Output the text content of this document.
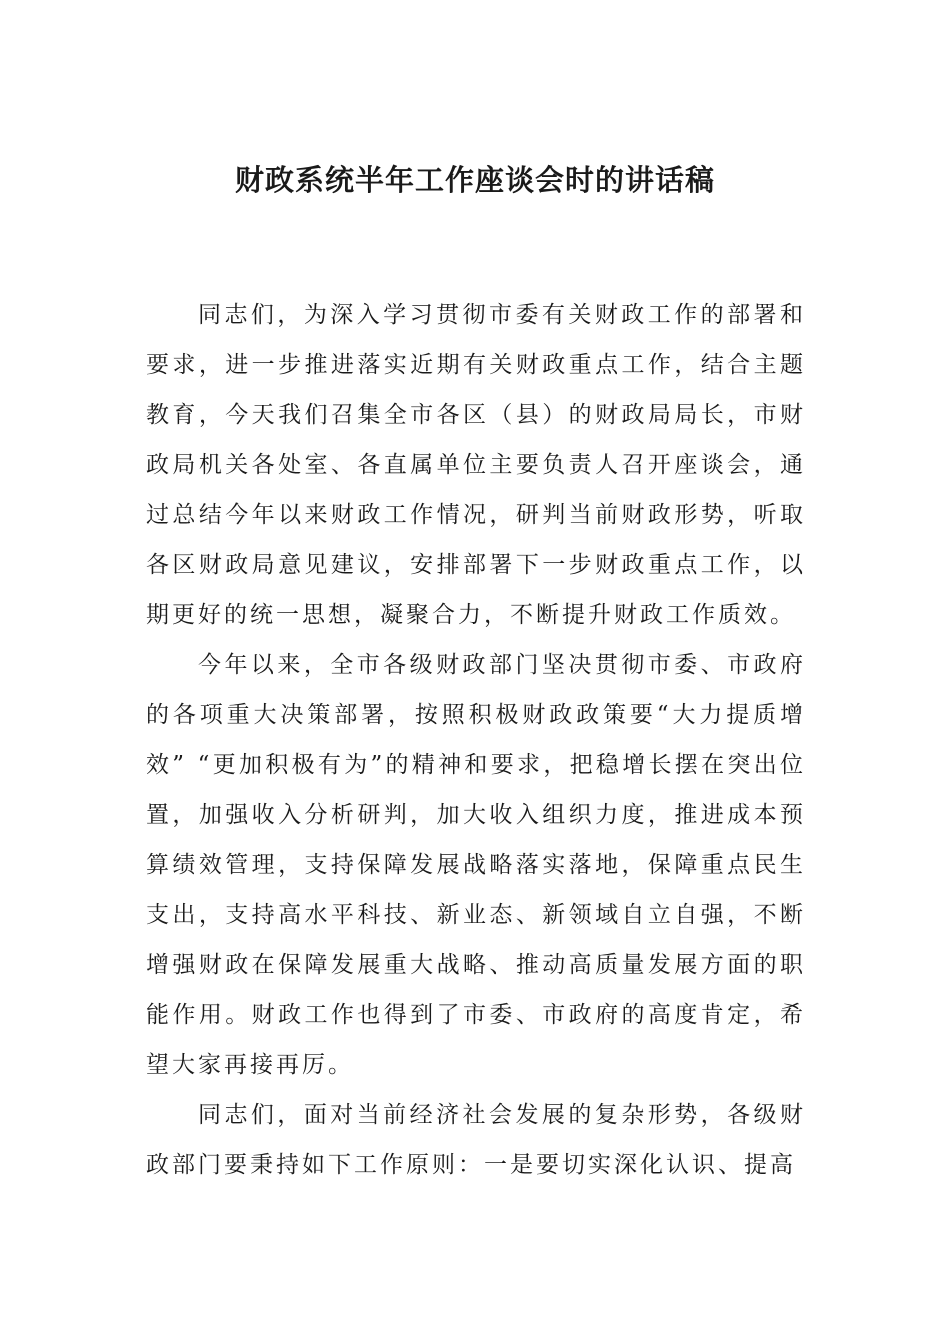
财政系统半年工作座谈会时的讲话稿

同志们，为深入学习贯彻市委有关财政工作的部署和要求，进一步推进落实近期有关财政重点工作，结合主题教育，今天我们召集全市各区（县）的财政局局长，市财政局机关各处室、各直属单位主要负责人召开座谈会，通过总结今年以来财政工作情况，研判当前财政形势，听取各区财政局意见建议，安排部署下一步财政重点工作，以期更好的统一思想，凝聚合力，不断提升财政工作质效。

今年以来，全市各级财政部门坚决贯彻市委、市政府的各项重大决策部署，按照积极财政政策要“大力提质增效” “更加积极有为”的精神和要求，把稳增长摆在突出位置，加强收入分析研判，加大收入组织力度，推进成本预算绩效管理，支持保障发展战略落实落地，保障重点民生支出，支持高水平科技、新业态、新领域自立自强，不断增强财政在保障发展重大战略、推动高质量发展方面的职能作用。财政工作也得到了市委、市政府的高度肯定，希望大家再接再厉。

同志们，面对当前经济社会发展的复杂形势，各级财政部门要秉持如下工作原则：一是要切实深化认识、提高
